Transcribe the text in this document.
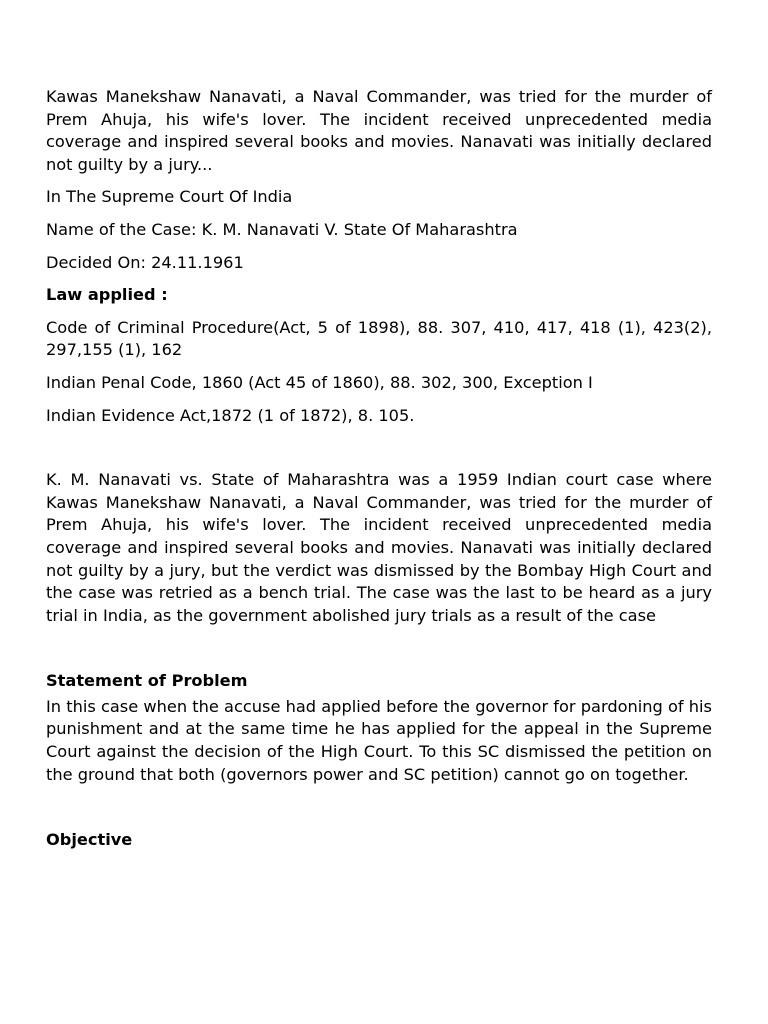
Kawas Manekshaw Nanavati, a Naval Commander, was tried for the murder of Prem Ahuja, his wife's lover. The incident received unprecedented media coverage and inspired several books and movies. Nanavati was initially declared not guilty by a jury...

In The Supreme Court Of India

Name of the Case: K. M. Nanavati V. State Of Maharashtra

Decided On: 24.11.1961

Law applied :

Code of Criminal Procedure(Act, 5 of 1898), 88. 307, 410, 417, 418 (1), 423(2), 297,155 (1), 162

Indian Penal Code, 1860 (Act 45 of 1860), 88. 302, 300, Exception I

Indian Evidence Act,1872 (1 of 1872), 8. 105.

K. M. Nanavati vs. State of Maharashtra was a 1959 Indian court case where Kawas Manekshaw Nanavati, a Naval Commander, was tried for the murder of Prem Ahuja, his wife's lover. The incident received unprecedented media coverage and inspired several books and movies. Nanavati was initially declared not guilty by a jury, but the verdict was dismissed by the Bombay High Court and the case was retried as a bench trial. The case was the last to be heard as a jury trial in India, as the government abolished jury trials as a result of the case

Statement of Problem

In this case when the accuse had applied before the governor for pardoning of his punishment and at the same time he has applied for the appeal in the Supreme Court against the decision of the High Court. To this SC dismissed the petition on the ground that both (governors power and SC petition) cannot go on together.

Objective
